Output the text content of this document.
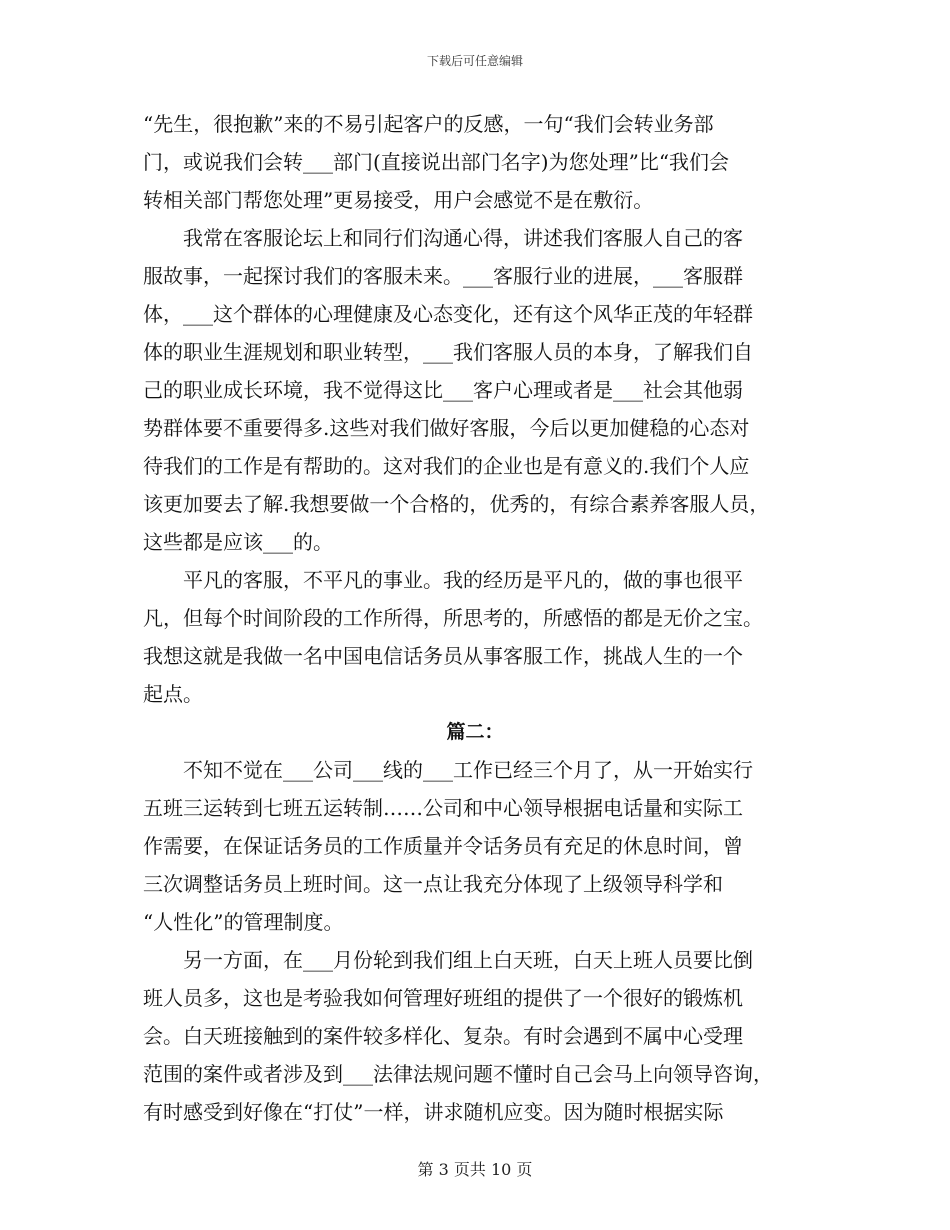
下载后可任意编辑
“先生，很抱歉”来的不易引起客户的反感，一句“我们会转业务部
门，或说我们会转___部门(直接说出部门名字)为您处理”比“我们会
转相关部门帮您处理”更易接受，用户会感觉不是在敷衍。
　　我常在客服论坛上和同行们沟通心得，讲述我们客服人自己的客
服故事，一起探讨我们的客服未来。___客服行业的进展，___客服群
体，___这个群体的心理健康及心态变化，还有这个风华正茂的年轻群
体的职业生涯规划和职业转型，___我们客服人员的本身，了解我们自
己的职业成长环境，我不觉得这比___客户心理或者是___社会其他弱
势群体要不重要得多.这些对我们做好客服，今后以更加健稳的心态对
待我们的工作是有帮助的。这对我们的企业也是有意义的.我们个人应
该更加要去了解.我想要做一个合格的，优秀的，有综合素养客服人员，
这些都是应该___的。
　　平凡的客服，不平凡的事业。我的经历是平凡的，做的事也很平
凡，但每个时间阶段的工作所得，所思考的，所感悟的都是无价之宝。
我想这就是我做一名中国电信话务员从事客服工作，挑战人生的一个
起点。
篇二：
　　不知不觉在___公司___线的___工作已经三个月了，从一开始实行
五班三运转到七班五运转制……公司和中心领导根据电话量和实际工
作需要，在保证话务员的工作质量并令话务员有充足的休息时间，曾
三次调整话务员上班时间。这一点让我充分体现了上级领导科学和
“人性化”的管理制度。
　　另一方面，在___月份轮到我们组上白天班，白天上班人员要比倒
班人员多，这也是考验我如何管理好班组的提供了一个很好的锻炼机
会。白天班接触到的案件较多样化、复杂。有时会遇到不属中心受理
范围的案件或者涉及到___法律法规问题不懂时自己会马上向领导咨询，
有时感受到好像在“打仗”一样，讲求随机应变。因为随时根据实际
第 3 页共 10 页
